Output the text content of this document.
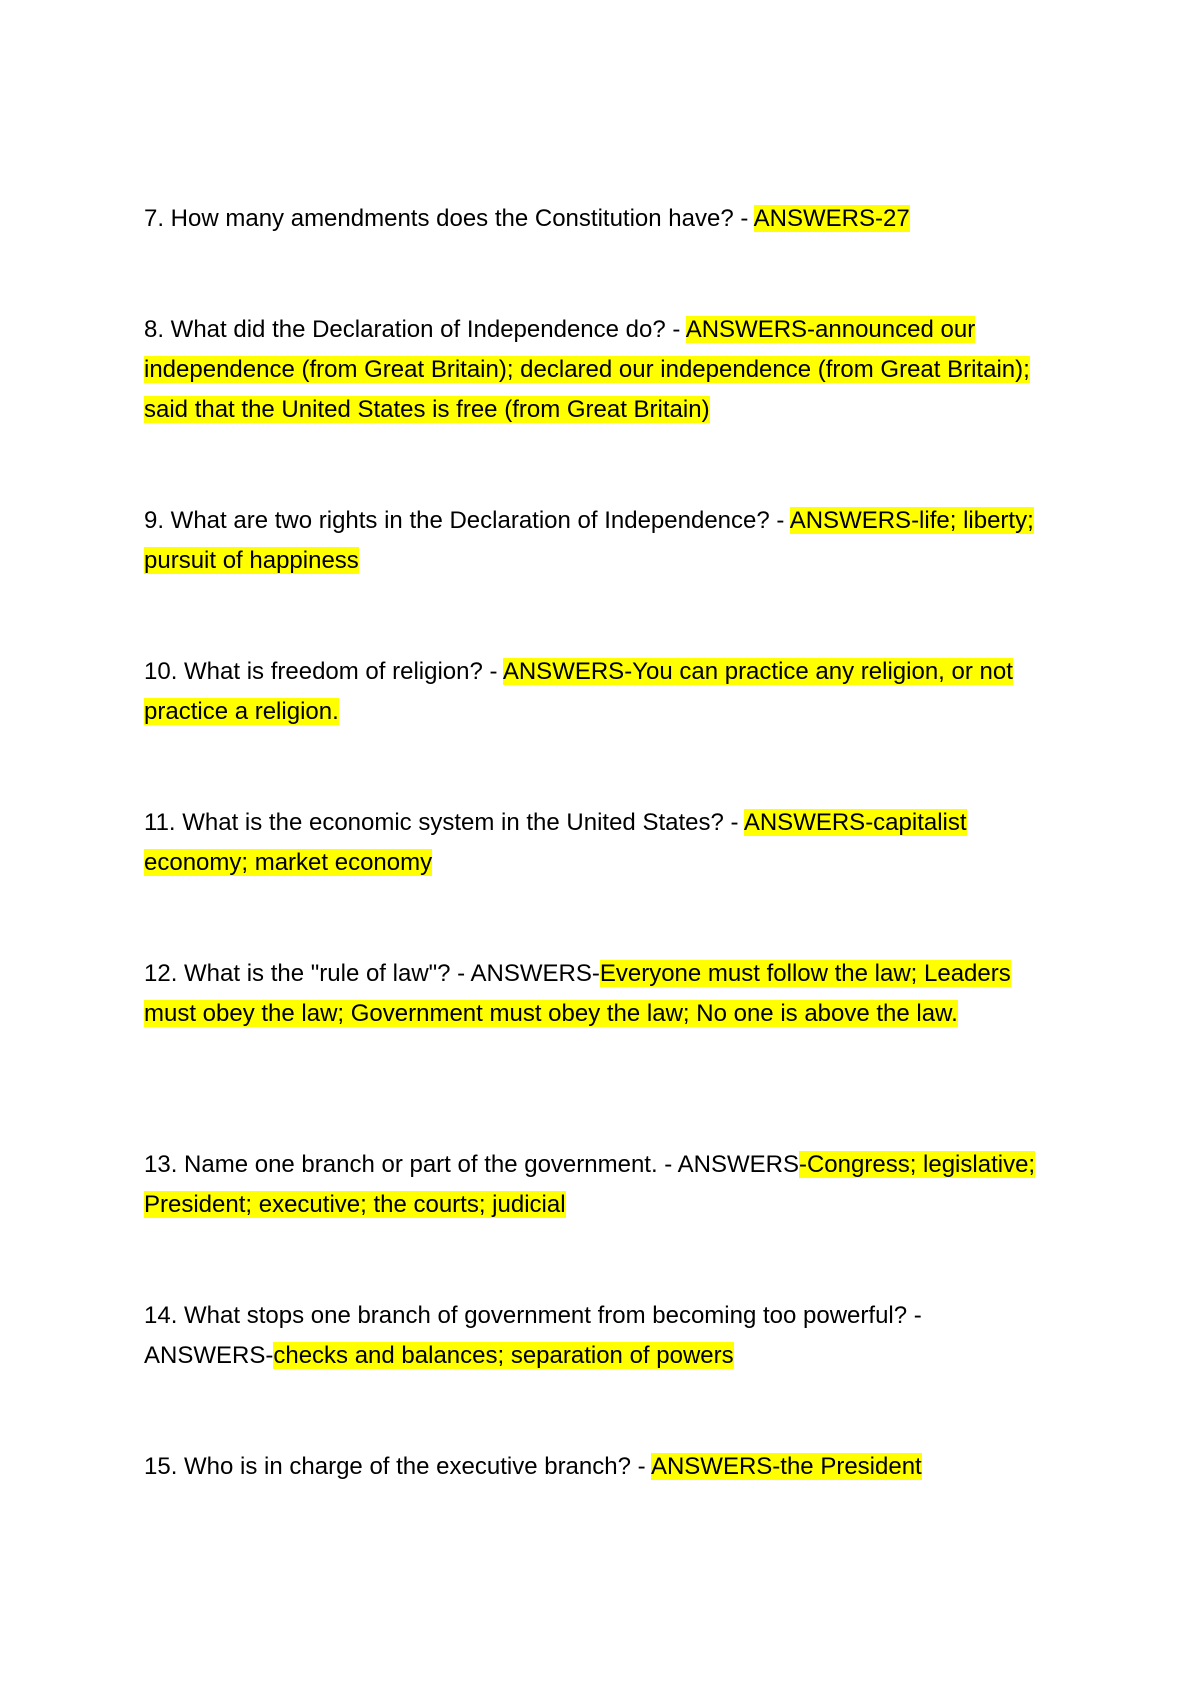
7. How many amendments does the Constitution have? - ANSWERS-27

8. What did the Declaration of Independence do? - ANSWERS-announced our independence (from Great Britain); declared our independence (from Great Britain); said that the United States is free (from Great Britain)

9. What are two rights in the Declaration of Independence? - ANSWERS-life; liberty; pursuit of happiness

10. What is freedom of religion? - ANSWERS-You can practice any religion, or not practice a religion.

11. What is the economic system in the United States? - ANSWERS-capitalist economy; market economy

12. What is the "rule of law"? - ANSWERS-Everyone must follow the law; Leaders must obey the law; Government must obey the law; No one is above the law.

13. Name one branch or part of the government. - ANSWERS-Congress; legislative; President; executive; the courts; judicial

14. What stops one branch of government from becoming too powerful? - ANSWERS-checks and balances; separation of powers

15. Who is in charge of the executive branch? - ANSWERS-the President
